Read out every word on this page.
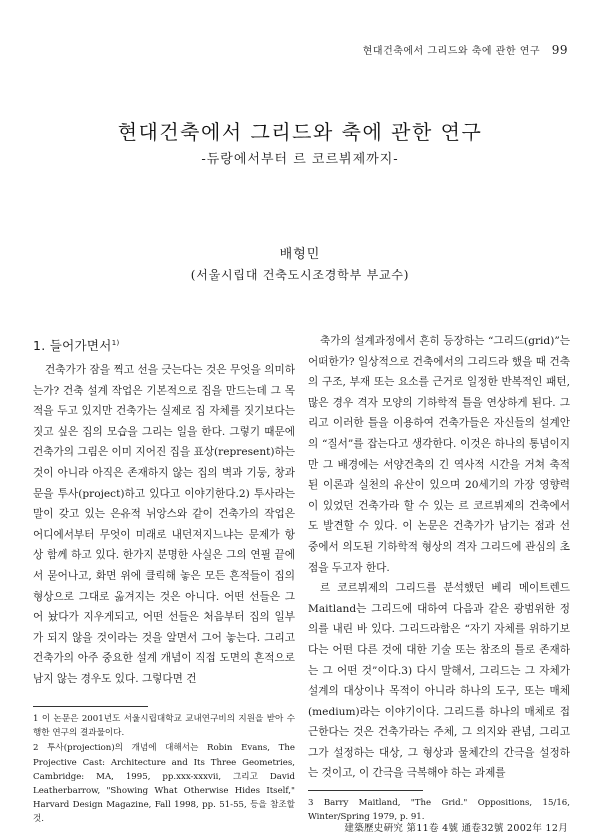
현대건축에서 그리드와 축에 관한 연구 99
현대건축에서 그리드와 축에 관한 연구
-듀랑에서부터 르 코르뷔제까지-
배형민
(서울시립대 건축도시조경학부 부교수)
1. 들어가면서$^{1)}$

건축가가 잠을 찍고 선을 긋는다는 것은 무엇을 의미하는가? 건축 설계 작업은 기본적으로 집을 만드는데 그 목적을 두고 있지만 건축가는 실제로 집 자체를 짓기보다는 짓고 싶은 집의 모습을 그리는 일을 한다. 그렇기 때문에 건축가의 그림은 이미 지어진 집을 표상(represent)하는 것이 아니라 아직은 존재하지 않는 집의 벽과 기둥, 창과 문을 투사(project)하고 있다고 이야기한다.2) 투사라는 말이 갖고 있는 은유적 뉘앙스와 같이 건축가의 작업은 어디에서부터 무엇이 미래로 내던져지느냐는 문제가 항상 함께 하고 있다. 한가지 분명한 사실은 그의 연필 끝에서 묻어나고, 화면 위에 클릭해 놓은 모든 흔적들이 집의 형상으로 그대로 옮겨지는 것은 아니다. 어떤 선들은 그어 놨다가 지우게되고, 어떤 선들은 처음부터 집의 일부가 되지 않을 것이라는 것을 알면서 그어 놓는다. 그리고 건축가의 아주 중요한 설계 개념이 직접 도면의 흔적으로 남지 않는 경우도 있다. 그렇다면 건

축가의 설계과정에서 흔히 등장하는 “그리드(grid)”는 어떠한가? 일상적으로 건축에서의 그리드라 했을 때 건축의 구조, 부재 또는 요소를 근거로 일정한 반복적인 패턴, 많은 경우 격자 모양의 기하학적 틀을 연상하게 된다. 그리고 이러한 틀을 이용하여 건축가들은 자신들의 설계안의 “질서”를 잡는다고 생각한다. 이것은 하나의 통념이지만 그 배경에는 서양건축의 긴 역사적 시간을 거쳐 축적된 이론과 실천의 유산이 있으며 20세기의 가장 영향력이 있었던 건축가라 할 수 있는 르 코르뷔제의 건축에서도 발견할 수 있다. 이 논문은 건축가가 남기는 점과 선 중에서 의도된 기하학적 형상의 격자 그리드에 관심의 초점을 두고자 한다.

르 코르뷔제의 그리드를 분석했던 베리 메이트렌드Maitland는 그리드에 대하여 다음과 같은 광범위한 정의를 내린 바 있다. 그리드라함은 “자기 자체를 위하기보다는 어떤 다른 것에 대한 기술 또는 참조의 틀로 존재하는 그 어떤 것”이다.3) 다시 말해서, 그리드는 그 자체가 설계의 대상이나 목적이 아니라 하나의 도구, 또는 매체(medium)라는 이야기이다. 그리드를 하나의 매체로 접근한다는 것은 건축가라는 주체, 그 의지와 관념, 그리고 그가 설정하는 대상, 그 형상과 물체간의 간극을 설정하는 것이고, 이 간극을 극복해야 하는 과제를

1 이 논문은 2001년도 서울시립대학교 교내연구비의 지원을 받아 수행한 연구의 결과물이다.

2 투사(projection)의 개념에 대해서는 Robin Evans, The Projective Cast: Architecture and Its Three Geometries, Cambridge: MA, 1995, pp.xxx-xxxvii, 그리고 David Leatherbarrow, "Showing What Otherwise Hides Itself," Harvard Design Magazine, Fall 1998, pp. 51-55, 등을 참조할 것.

3 Barry Maitland, "The Grid." Oppositions, 15/16, Winter/Spring 1979, p. 91.

建築歷史硏究 第11卷 4號 通卷32號 2002年 12月
